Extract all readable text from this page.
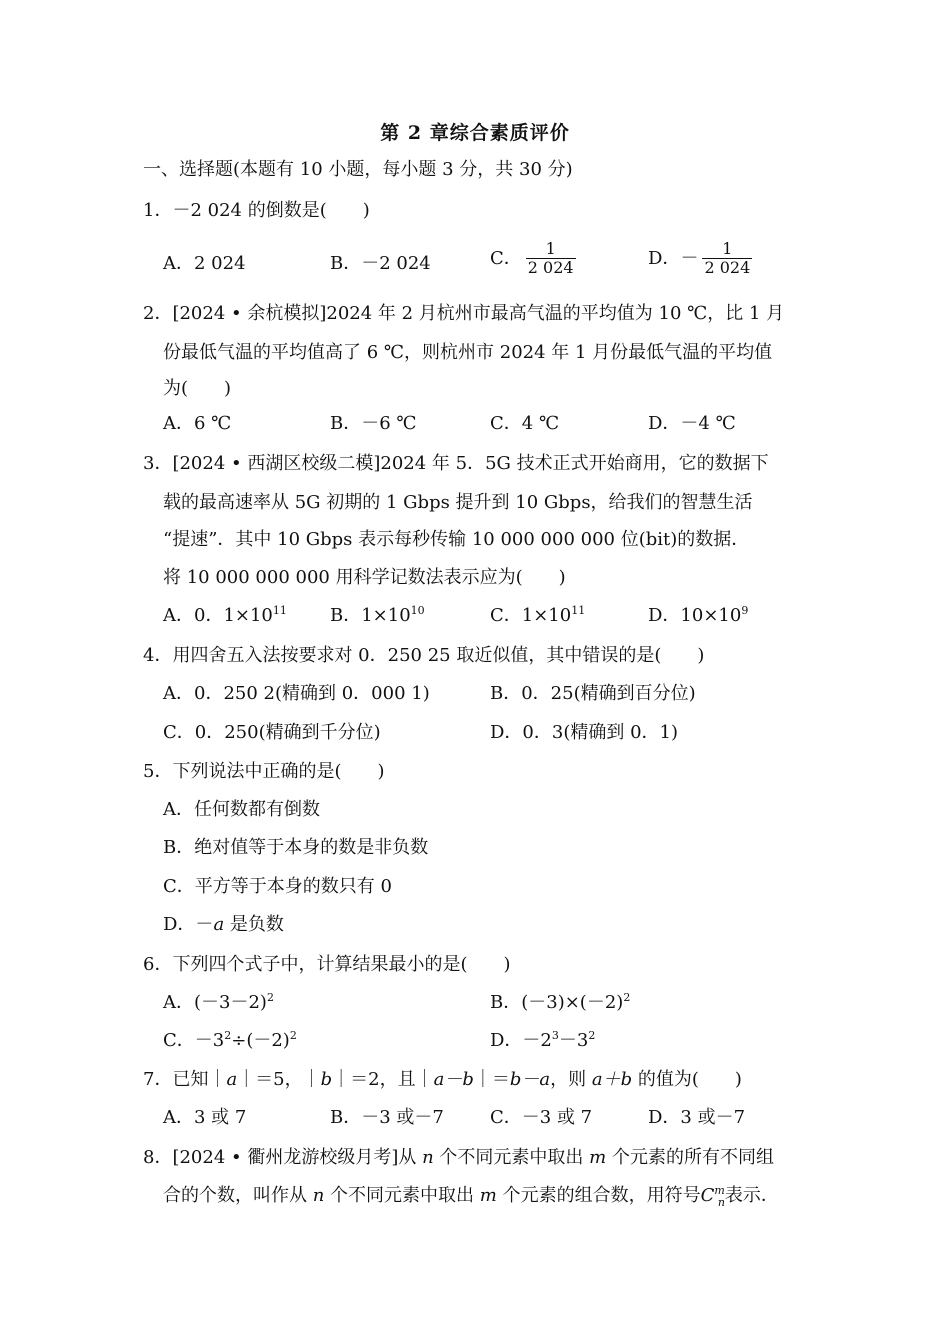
第 2 章综合素质评价
一、选择题(本题有 10 小题，每小题 3 分，共 30 分)
1．－2 024 的倒数是(　　)
A．2 024	B．－2 024	C． $\frac{1}{2 024}$	D．－ $\frac{1}{2 024}$
2．[2024 • 余杭模拟]2024 年 2 月杭州市最高气温的平均值为 10 ℃，比 1 月
份最低气温的平均值高了 6 ℃，则杭州市 2024 年 1 月份最低气温的平均值
为(　　)
A．6 ℃	B．－6 ℃	C．4 ℃	D．－4 ℃
3．[2024 • 西湖区校级二模]2024 年 5．5G 技术正式开始商用，它的数据下
载的最高速率从 5G 初期的 1 Gbps 提升到 10 Gbps，给我们的智慧生活
“提速”．其中 10 Gbps 表示每秒传输 10 000 000 000 位(bit)的数据．
将 10 000 000 000 用科学记数法表示应为(　　)
A．0．$1\times 10^{11}$ B．$1\times 10^{10}$	C．$1\times 10^{11}$	D．$10\times 10^9$
4．用四舍五入法按要求对 0．250 25 取近似值，其中错误的是(　　)
A．0．250 2(精确到 0．000 1)	B．0．25(精确到百分位)
C．0．250(精确到千分位)	D．0．3(精确到 0．1)
5．下列说法中正确的是(　　)
A．任何数都有倒数
B．绝对值等于本身的数是非负数
C．平方等于本身的数只有 0
D．－a 是负数
6．下列四个式子中，计算结果最小的是(　　)
A．$(-3-2)^2$	B．$(-3)\times(-2)^2$
C．$-3^2\div(-2)^2$	D．$-2^3-3^2$
7．已知｜a｜＝5，｜b｜＝2，且｜a－b｜＝b－a，则 a＋b 的值为(　　)
A．3 或 7	B．－3 或－7	C．－3 或 7	D．3 或－7
8．[2024 • 衢州龙游校级月考]从 n 个不同元素中取出 m 个元素的所有不同组
合的个数，叫作从 n 个不同元素中取出 m 个元素的组合数，用符号$C^m_n$表示．
